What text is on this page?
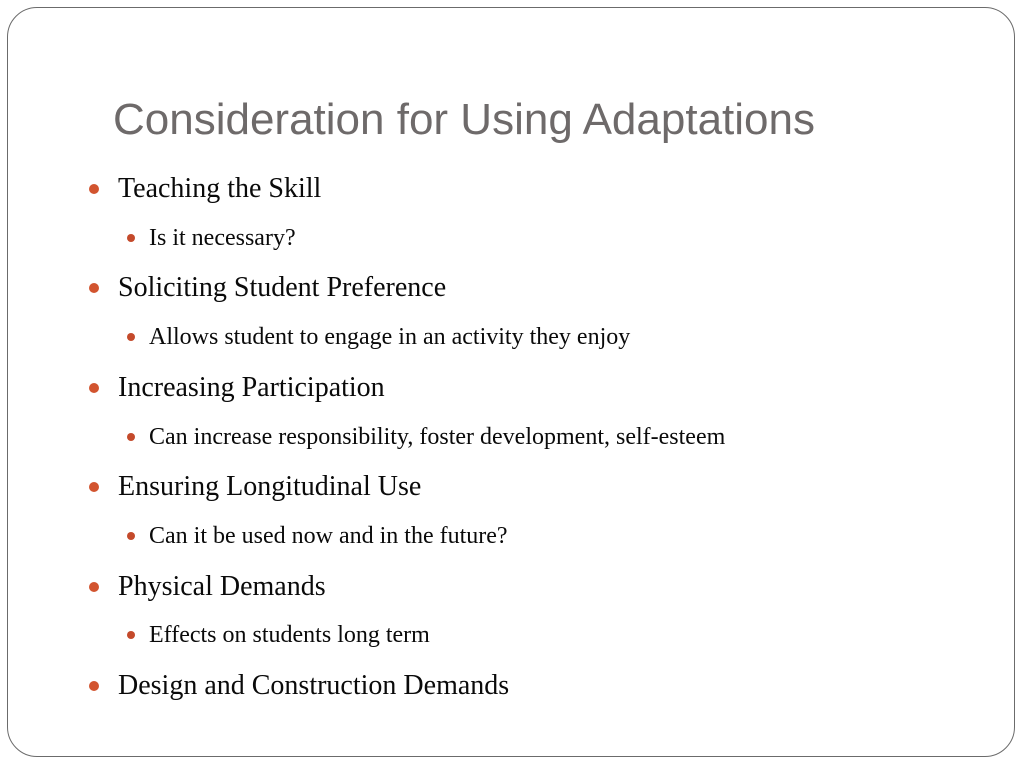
Consideration for Using Adaptations
Teaching the Skill
Is it necessary?
Soliciting Student Preference
Allows student to engage in an activity they enjoy
Increasing Participation
Can increase responsibility, foster development, self-esteem
Ensuring Longitudinal Use
Can it be used now and in the future?
Physical Demands
Effects on students long term
Design and Construction Demands
